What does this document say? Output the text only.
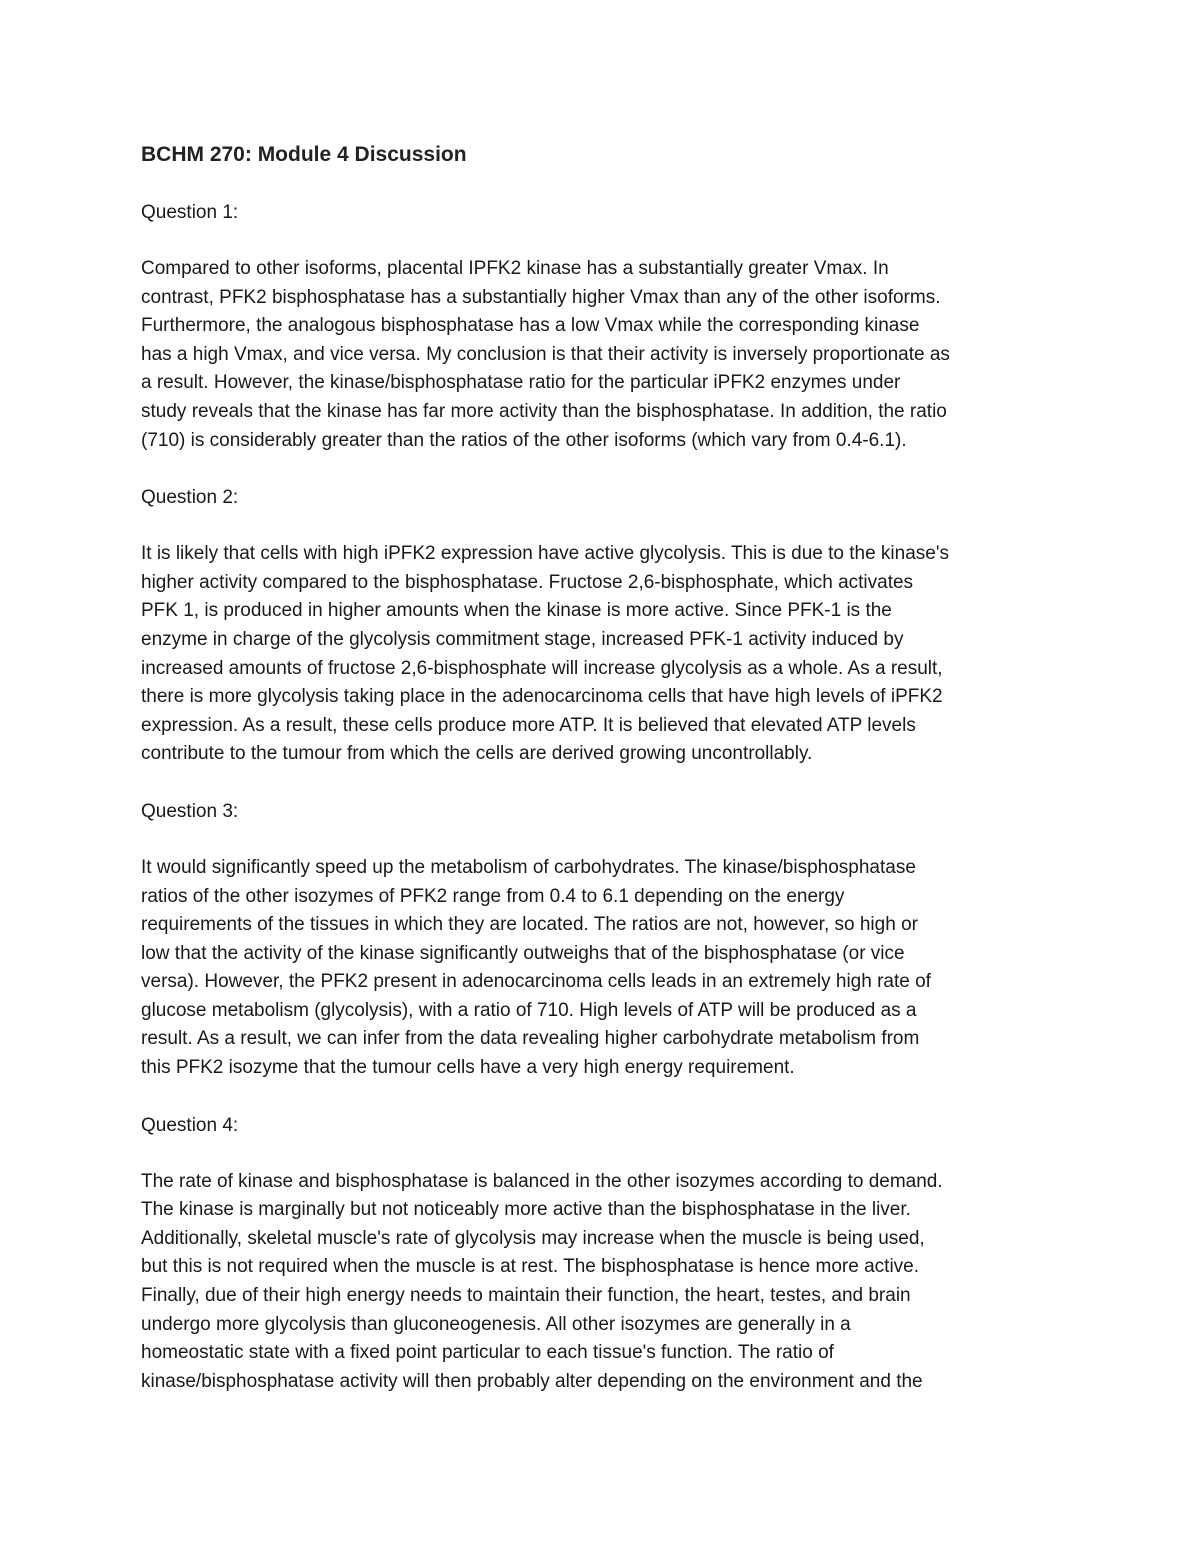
BCHM 270: Module 4 Discussion
Question 1:
Compared to other isoforms, placental IPFK2 kinase has a substantially greater Vmax. In
contrast, PFK2 bisphosphatase has a substantially higher Vmax than any of the other isoforms.
Furthermore, the analogous bisphosphatase has a low Vmax while the corresponding kinase
has a high Vmax, and vice versa. My conclusion is that their activity is inversely proportionate as
a result. However, the kinase/bisphosphatase ratio for the particular iPFK2 enzymes under
study reveals that the kinase has far more activity than the bisphosphatase. In addition, the ratio
(710) is considerably greater than the ratios of the other isoforms (which vary from 0.4-6.1).
Question 2:
It is likely that cells with high iPFK2 expression have active glycolysis. This is due to the kinase's
higher activity compared to the bisphosphatase. Fructose 2,6-bisphosphate, which activates
PFK 1, is produced in higher amounts when the kinase is more active. Since PFK-1 is the
enzyme in charge of the glycolysis commitment stage, increased PFK-1 activity induced by
increased amounts of fructose 2,6-bisphosphate will increase glycolysis as a whole. As a result,
there is more glycolysis taking place in the adenocarcinoma cells that have high levels of iPFK2
expression. As a result, these cells produce more ATP. It is believed that elevated ATP levels
contribute to the tumour from which the cells are derived growing uncontrollably.
Question 3:
It would significantly speed up the metabolism of carbohydrates. The kinase/bisphosphatase
ratios of the other isozymes of PFK2 range from 0.4 to 6.1 depending on the energy
requirements of the tissues in which they are located. The ratios are not, however, so high or
low that the activity of the kinase significantly outweighs that of the bisphosphatase (or vice
versa). However, the PFK2 present in adenocarcinoma cells leads in an extremely high rate of
glucose metabolism (glycolysis), with a ratio of 710. High levels of ATP will be produced as a
result. As a result, we can infer from the data revealing higher carbohydrate metabolism from
this PFK2 isozyme that the tumour cells have a very high energy requirement.
Question 4:
The rate of kinase and bisphosphatase is balanced in the other isozymes according to demand.
The kinase is marginally but not noticeably more active than the bisphosphatase in the liver.
Additionally, skeletal muscle's rate of glycolysis may increase when the muscle is being used,
but this is not required when the muscle is at rest. The bisphosphatase is hence more active.
Finally, due of their high energy needs to maintain their function, the heart, testes, and brain
undergo more glycolysis than gluconeogenesis. All other isozymes are generally in a
homeostatic state with a fixed point particular to each tissue's function. The ratio of
kinase/bisphosphatase activity will then probably alter depending on the environment and the
